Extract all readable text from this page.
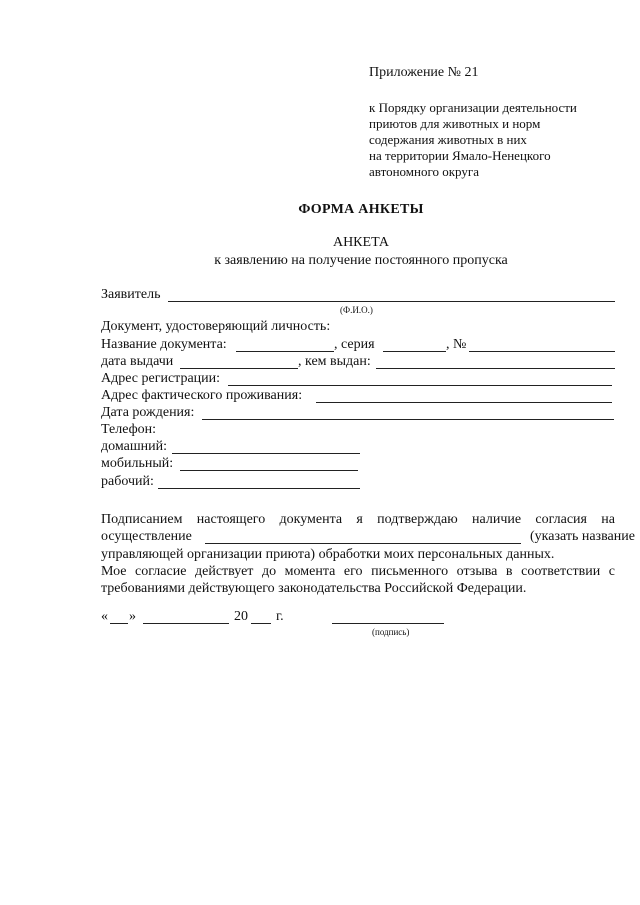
Приложение № 21
к Порядку организации деятельности
приютов для животных и норм
содержания животных в них
на территории Ямало-Ненецкого
автономного округа
ФОРМА АНКЕТЫ
АНКЕТА
к заявлению на получение постоянного пропуска
Заявитель
(Ф.И.О.)
Документ, удостоверяющий личность:
Название документа:	, серия	, №
дата выдачи	, кем выдан:
Адрес регистрации:
Адрес фактического проживания:
Дата рождения:
Телефон:
домашний:
мобильный:
рабочий:
Подписанием настоящего документа я подтверждаю наличие согласия на
осуществление	(указать название
управляющей организации приюта) обработки моих персональных данных.
Мое согласие действует до момента его письменного отзыва в соответствии с
требованиями действующего законодательства Российской Федерации.
« »	20 г.
(подпись)
